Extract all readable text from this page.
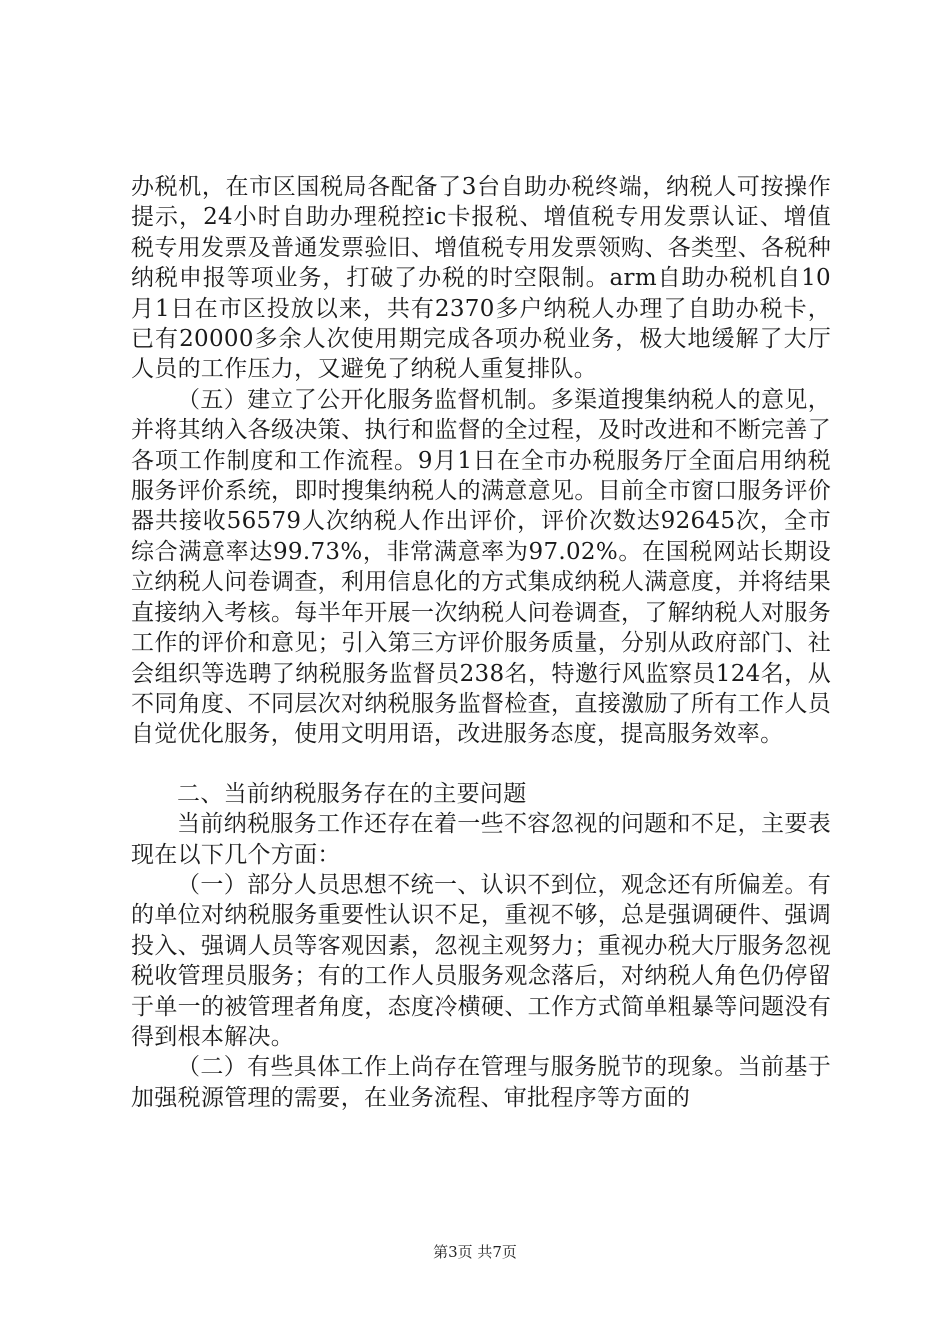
办税机，在市区国税局各配备了3台自助办税终端，纳税人可按操作提示，24小时自助办理税控ic卡报税、增值税专用发票认证、增值税专用发票及普通发票验旧、增值税专用发票领购、各类型、各税种纳税申报等项业务，打破了办税的时空限制。arm自助办税机自10月1日在市区投放以来，共有2370多户纳税人办理了自助办税卡，已有20000多余人次使用期完成各项办税业务，极大地缓解了大厅人员的工作压力，又避免了纳税人重复排队。

（五）建立了公开化服务监督机制。多渠道搜集纳税人的意见，并将其纳入各级决策、执行和监督的全过程，及时改进和不断完善了各项工作制度和工作流程。9月1日在全市办税服务厅全面启用纳税服务评价系统，即时搜集纳税人的满意意见。目前全市窗口服务评价器共接收56579人次纳税人作出评价，评价次数达92645次，全市综合满意率达99.73%，非常满意率为97.02%。在国税网站长期设立纳税人问卷调查，利用信息化的方式集成纳税人满意度，并将结果直接纳入考核。每半年开展一次纳税人问卷调查，了解纳税人对服务工作的评价和意见；引入第三方评价服务质量，分别从政府部门、社会组织等选聘了纳税服务监督员238名，特邀行风监察员124名，从不同角度、不同层次对纳税服务监督检查，直接激励了所有工作人员自觉优化服务，使用文明用语，改进服务态度，提高服务效率。

二、当前纳税服务存在的主要问题

当前纳税服务工作还存在着一些不容忽视的问题和不足，主要表现在以下几个方面：

（一）部分人员思想不统一、认识不到位，观念还有所偏差。有的单位对纳税服务重要性认识不足，重视不够，总是强调硬件、强调投入、强调人员等客观因素，忽视主观努力；重视办税大厅服务忽视税收管理员服务；有的工作人员服务观念落后，对纳税人角色仍停留于单一的被管理者角度，态度冷横硬、工作方式简单粗暴等问题没有得到根本解决。

（二）有些具体工作上尚存在管理与服务脱节的现象。当前基于加强税源管理的需要，在业务流程、审批程序等方面的

第3页 共7页
